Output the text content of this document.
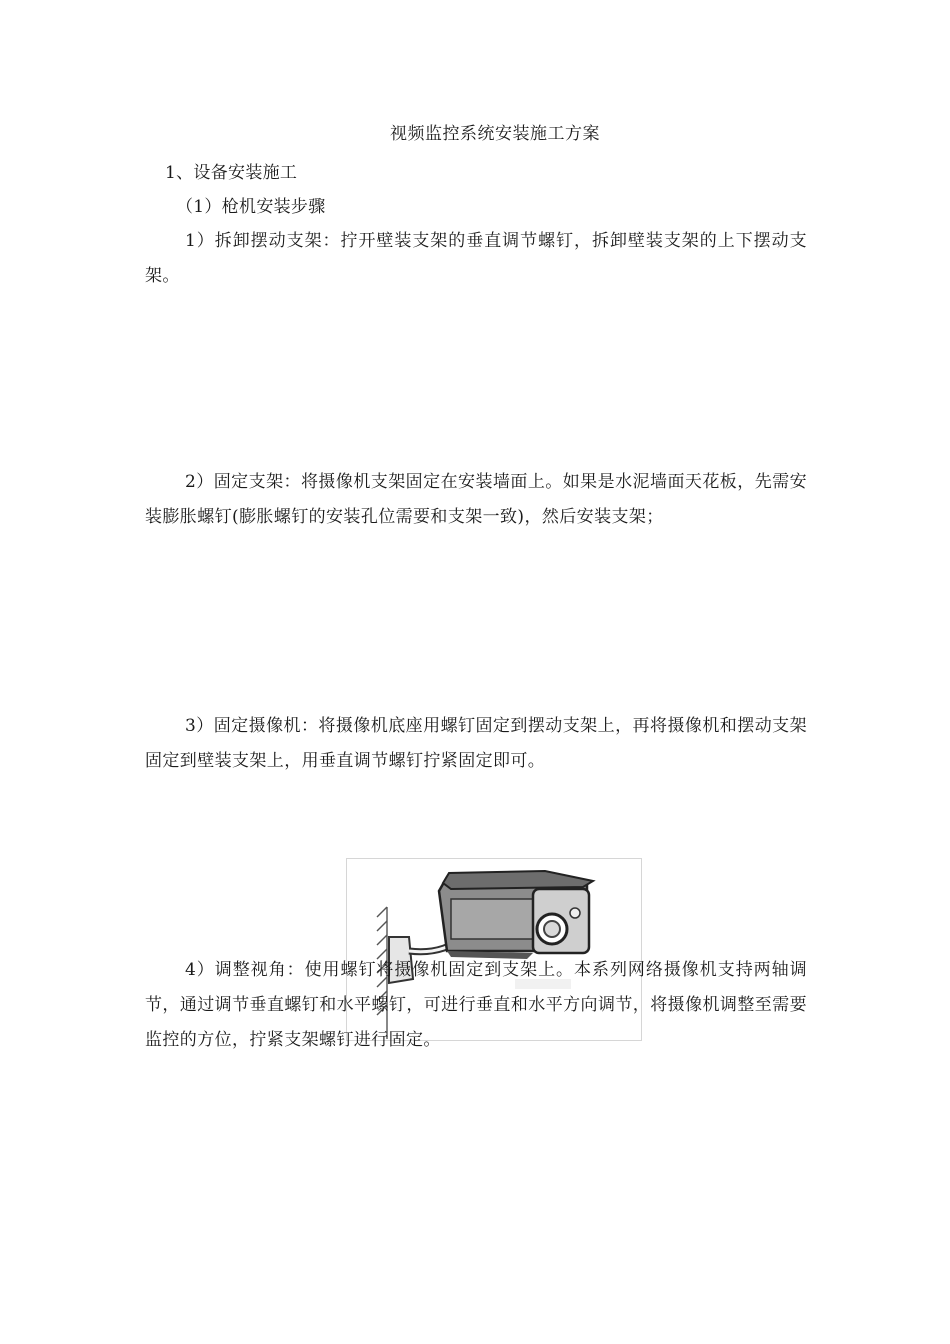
视频监控系统安装施工方案
1、设备安装施工
（1）枪机安装步骤
1）拆卸摆动支架：拧开壁装支架的垂直调节螺钉，拆卸壁装支架的上下摆动支架。
2）固定支架：将摄像机支架固定在安装墙面上。如果是水泥墙面天花板，先需安装膨胀螺钉(膨胀螺钉的安装孔位需要和支架一致)，然后安装支架；
3）固定摄像机：将摄像机底座用螺钉固定到摆动支架上，再将摄像机和摆动支架固定到壁装支架上，用垂直调节螺钉拧紧固定即可。
4）调整视角：使用螺钉将摄像机固定到支架上。本系列网络摄像机支持两轴调节，通过调节垂直螺钉和水平螺钉，可进行垂直和水平方向调节，将摄像机调整至需要监控的方位，拧紧支架螺钉进行固定。
